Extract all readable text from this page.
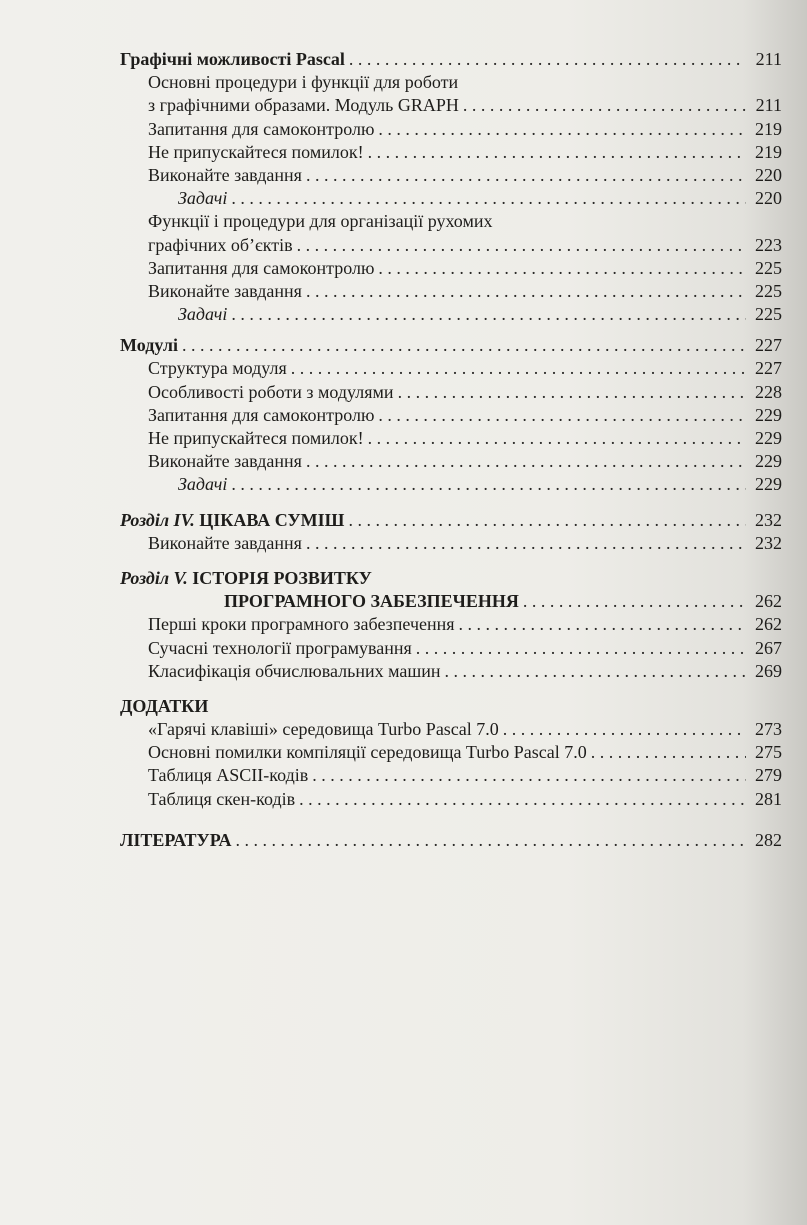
Графічні можливості Pascal . . .	211
Основні процедури і функції для роботи
з графічними образами. Модуль GRAPH . . .	211
Запитання для самоконтролю . . .	219
Не припускайтеся помилок! . . .	219
Виконайте завдання . . .	220
Задачі . . .	220
Функції і процедури для організації рухомих
графічних об’єктів . . .	223
Запитання для самоконтролю . . .	225
Виконайте завдання . . .	225
Задачі . . .	225
Модулі . . .	227
Структура модуля . . .	227
Особливості роботи з модулями . . .	228
Запитання для самоконтролю . . .	229
Не припускайтеся помилок! . . .	229
Виконайте завдання . . .	229
Задачі . . .	229
Розділ IV. ЦІКАВА СУМІШ . . .	232
Виконайте завдання . . .	232
Розділ V. ІСТОРІЯ РОЗВИТКУ
ПРОГРАМНОГО ЗАБЕЗПЕЧЕННЯ . . .	262
Перші кроки програмного забезпечення . . .	262
Сучасні технології програмування . . .	267
Класифікація обчислювальних машин . . .	269
ДОДАТКИ
«Гарячі клавіші» середовища Turbo Pascal 7.0 . . .	273
Основні помилки компіляції середовища Turbo Pascal 7.0 . . .	275
Таблиця ASCII-кодів . . .	279
Таблиця скен-кодів . . .	281
ЛІТЕРАТУРА . . .	282
